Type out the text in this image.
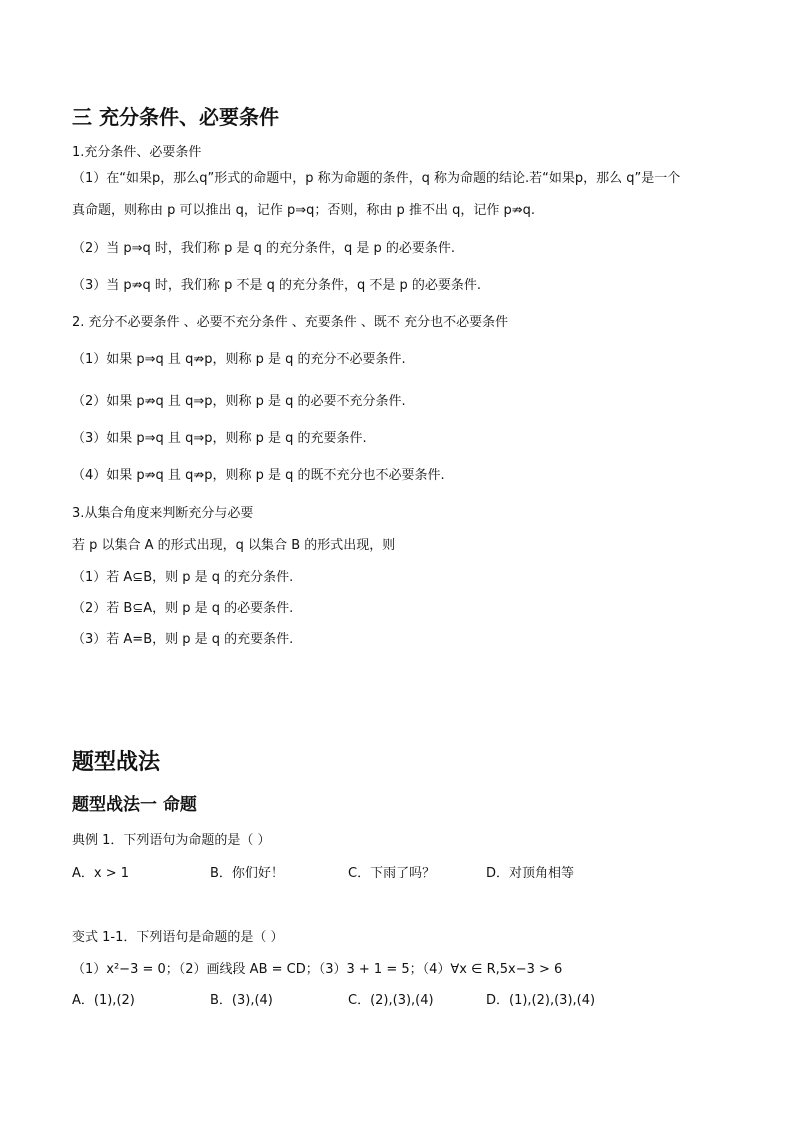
三 充分条件、必要条件
1.充分条件、必要条件
（1）在“如果p，那么q”形式的命题中，p 称为命题的条件，q 称为命题的结论.若“如果p，那么 q”是一个
真命题，则称由 p 可以推出 q，记作 p⇒q；否则，称由 p 推不出 q，记作 p⇏q.
（2）当 p⇒q 时，我们称 p 是 q 的充分条件，q 是 p 的必要条件.
（3）当 p⇏q 时，我们称 p 不是 q 的充分条件，q 不是 p 的必要条件.
2. 充分不必要条件 、必要不充分条件 、充要条件 、既不 充分也不必要条件
（1）如果 p⇒q 且 q⇏p，则称 p 是 q 的充分不必要条件.
（2）如果 p⇏q 且 q⇒p，则称 p 是 q 的必要不充分条件.
（3）如果 p⇒q 且 q⇒p，则称 p 是 q 的充要条件.
（4）如果 p⇏q 且 q⇏p，则称 p 是 q 的既不充分也不必要条件.
3.从集合角度来判断充分与必要
若 p 以集合 A 的形式出现，q 以集合 B 的形式出现，则
（1）若 A⊆B，则 p 是 q 的充分条件.
（2）若 B⊆A，则 p 是 q 的必要条件.
（3）若 A=B，则 p 是 q 的充要条件.
题型战法
题型战法一 命题
典例 1．下列语句为命题的是（ ）
A．x > 1	B．你们好！	C．下雨了吗？	D．对顶角相等
变式 1-1．下列语句是命题的是（ ）
（1）x²−3 = 0；（2）画线段 AB = CD；（3）3 + 1 = 5；（4）∀x ∈ R,5x−3 > 6
A．(1),(2)	B．(3),(4)	C．(2),(3),(4)	D．(1),(2),(3),(4)
